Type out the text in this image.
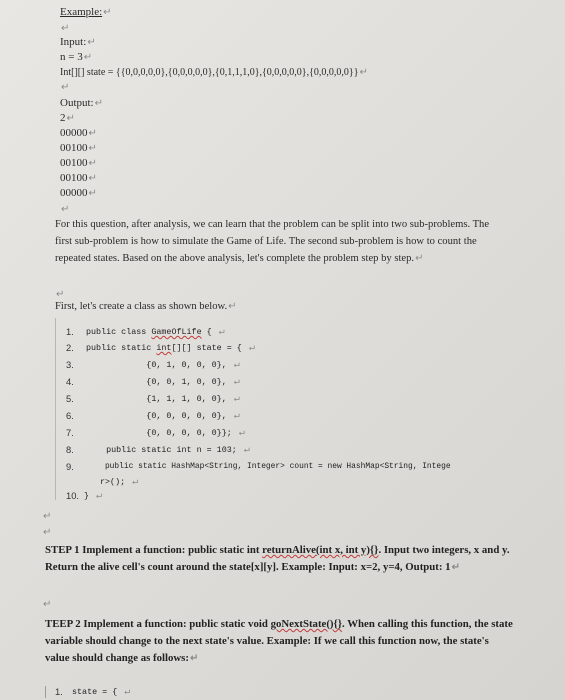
Example:↵
↵
Input:↵
n = 3↵
Int[][] state = {{0,0,0,0,0},{0,0,0,0,0},{0,1,1,1,0},{0,0,0,0,0},{0,0,0,0,0}}↵
↵
Output:↵
2↵
00000↵
00100↵
00100↵
00100↵
00000↵
↵
For this question, after analysis, we can learn that the problem can be split into two sub-problems. The first sub-problem is how to simulate the Game of Life. The second sub-problem is how to count the repeated states. Based on the above analysis, let's complete the problem step by step.↵
↵
First, let's create a class as shown below.↵
1. public class GameOfLife { ↵
2. public static int[][] state = { ↵
3. {0, 1, 0, 0, 0}, ↵
4. {0, 0, 1, 0, 0}, ↵
5. {1, 1, 1, 0, 0}, ↵
6. {0, 0, 0, 0, 0}, ↵
7. {0, 0, 0, 0, 0}}; ↵
8. public static int n = 103; ↵
9. public static HashMap<String, Integer> count = new HashMap<String, Intege
r>(); ↵
10. } ↵
↵
↵
STEP 1 Implement a function: public static int returnAlive(int x, int y){}. Input two integers, x and y. Return the alive cell's count around the state[x][y]. Example: Input: x=2, y=4, Output: 1↵
↵
TEEP 2 Implement a function: public static void goNextState(){}. When calling this function, the state variable should change to the next state's value. Example: If we call this function now, the state's value should change as follows:↵
1. state = { ↵
